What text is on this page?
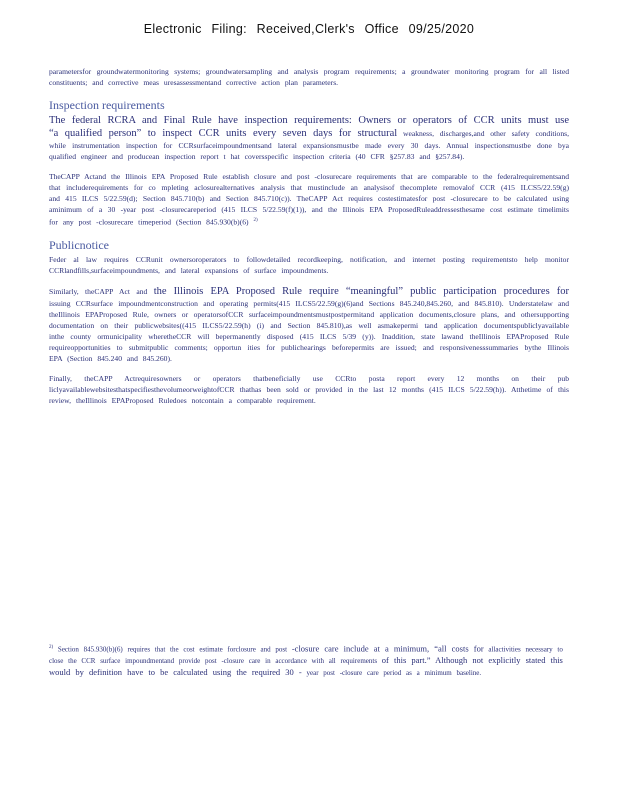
Electronic Filing: Received,Clerk's Office 09/25/2020

parametersfor groundwatermonitoring systems; groundwatersampling and analysis program requirements; a groundwater monitoring program for all listed constituents; and corrective meas uresassessmentand corrective action plan parameters.

Inspection requirements

The federal RCRA and Final Rule have inspection requirements: Owners or operators of CCR units must use “a qualified person” to inspect CCR units every seven days for structural weakness, discharges,and other safety conditions, while instrumentation inspection for CCRsurfaceimpoundmentsand lateral expansionsmustbe made every 30 days. Annual inspectionsmustbe done bya qualified engineer and producean inspection report t hat coversspecific inspection criteria (40 CFR §257.83 and §257.84).

TheCAPP Actand the Illinois EPA Proposed Rule establish closure and post -closurecare requirements that are comparable to the federalrequirementsand that includerequirements for co mpleting aclosurealternatives analysis that mustinclude an analysisof thecomplete removalof CCR (415 ILCS5/22.59(g) and 415 ILCS 5/22.59(d); Section 845.710(b) and Section 845.710(c)). TheCAPP Act requires costestimatesfor post -closurecare to be calculated using aminimum of a 30 -year post -closurecareperiod (415 ILCS 5/22.59(f)(1)), and the Illinois EPA ProposedRuleaddressesthesame cost estimate timelimits for any post -closurecare timeperiod (Section 845.930(b)(6) $^{2)}$

Publicnotice

Feder al law requires CCRunit ownersoroperators to followdetailed recordkeeping, notification, and internet posting requirementsto help monitor CCRlandfills,surfaceimpoundments, and lateral expansions of surface impoundments.

Similarly, theCAPP Act and the Illinois EPA Proposed Rule require “meaningful” public participation procedures for issuing CCRsurface impoundmentconstruction and operating permits(415 ILCS5/22.59(g)(6)and Sections 845.240,845.260, and 845.810). Understatelaw and theIllinois EPAProposed Rule, owners or operatorsofCCR surfaceimpoundmentsmustpostpermitand application documents,closure plans, and othersupporting documentation on their publicwebsites((415 ILCS5/22.59(h) (i) and Section 845.810),as well asmakepermi tand application documentspubliclyavailable inthe county ormunicipality wheretheCCR will bepermanently disposed (415 ILCS 5/39 (y)). Inaddition, state lawand theIllinois EPAProposed Rule requireopportunities to submitpublic comments; opportun ities for publichearings beforepermits are issued; and responsivenesssummaries bythe Illinois EPA (Section 845.240 and 845.260).

Finally, theCAPP Actrequiresowners or operators thatbeneficially use CCRto posta report every 12 months on their pub liclyavailablewebsitesthatspecifiesthevolumeorweightofCCR thathas been sold or provided in the last 12 months (415 ILCS 5/22.59(h)). Atthetime of this review, theIllinois EPAProposed Ruledoes notcontain a comparable requirement.

$^{2)}$ Section 845.930(b)(6) requires that the cost estimate forclosure and post -closure care include at a minimum, “all costs for allactivities necessary to close the CCR surface impoundmentand provide post -closure care in accordance with all requirements of this part.” Although not explicitly stated this would by definition have to be calculated using the required 30 - year post -closure care period as a minimum baseline.
